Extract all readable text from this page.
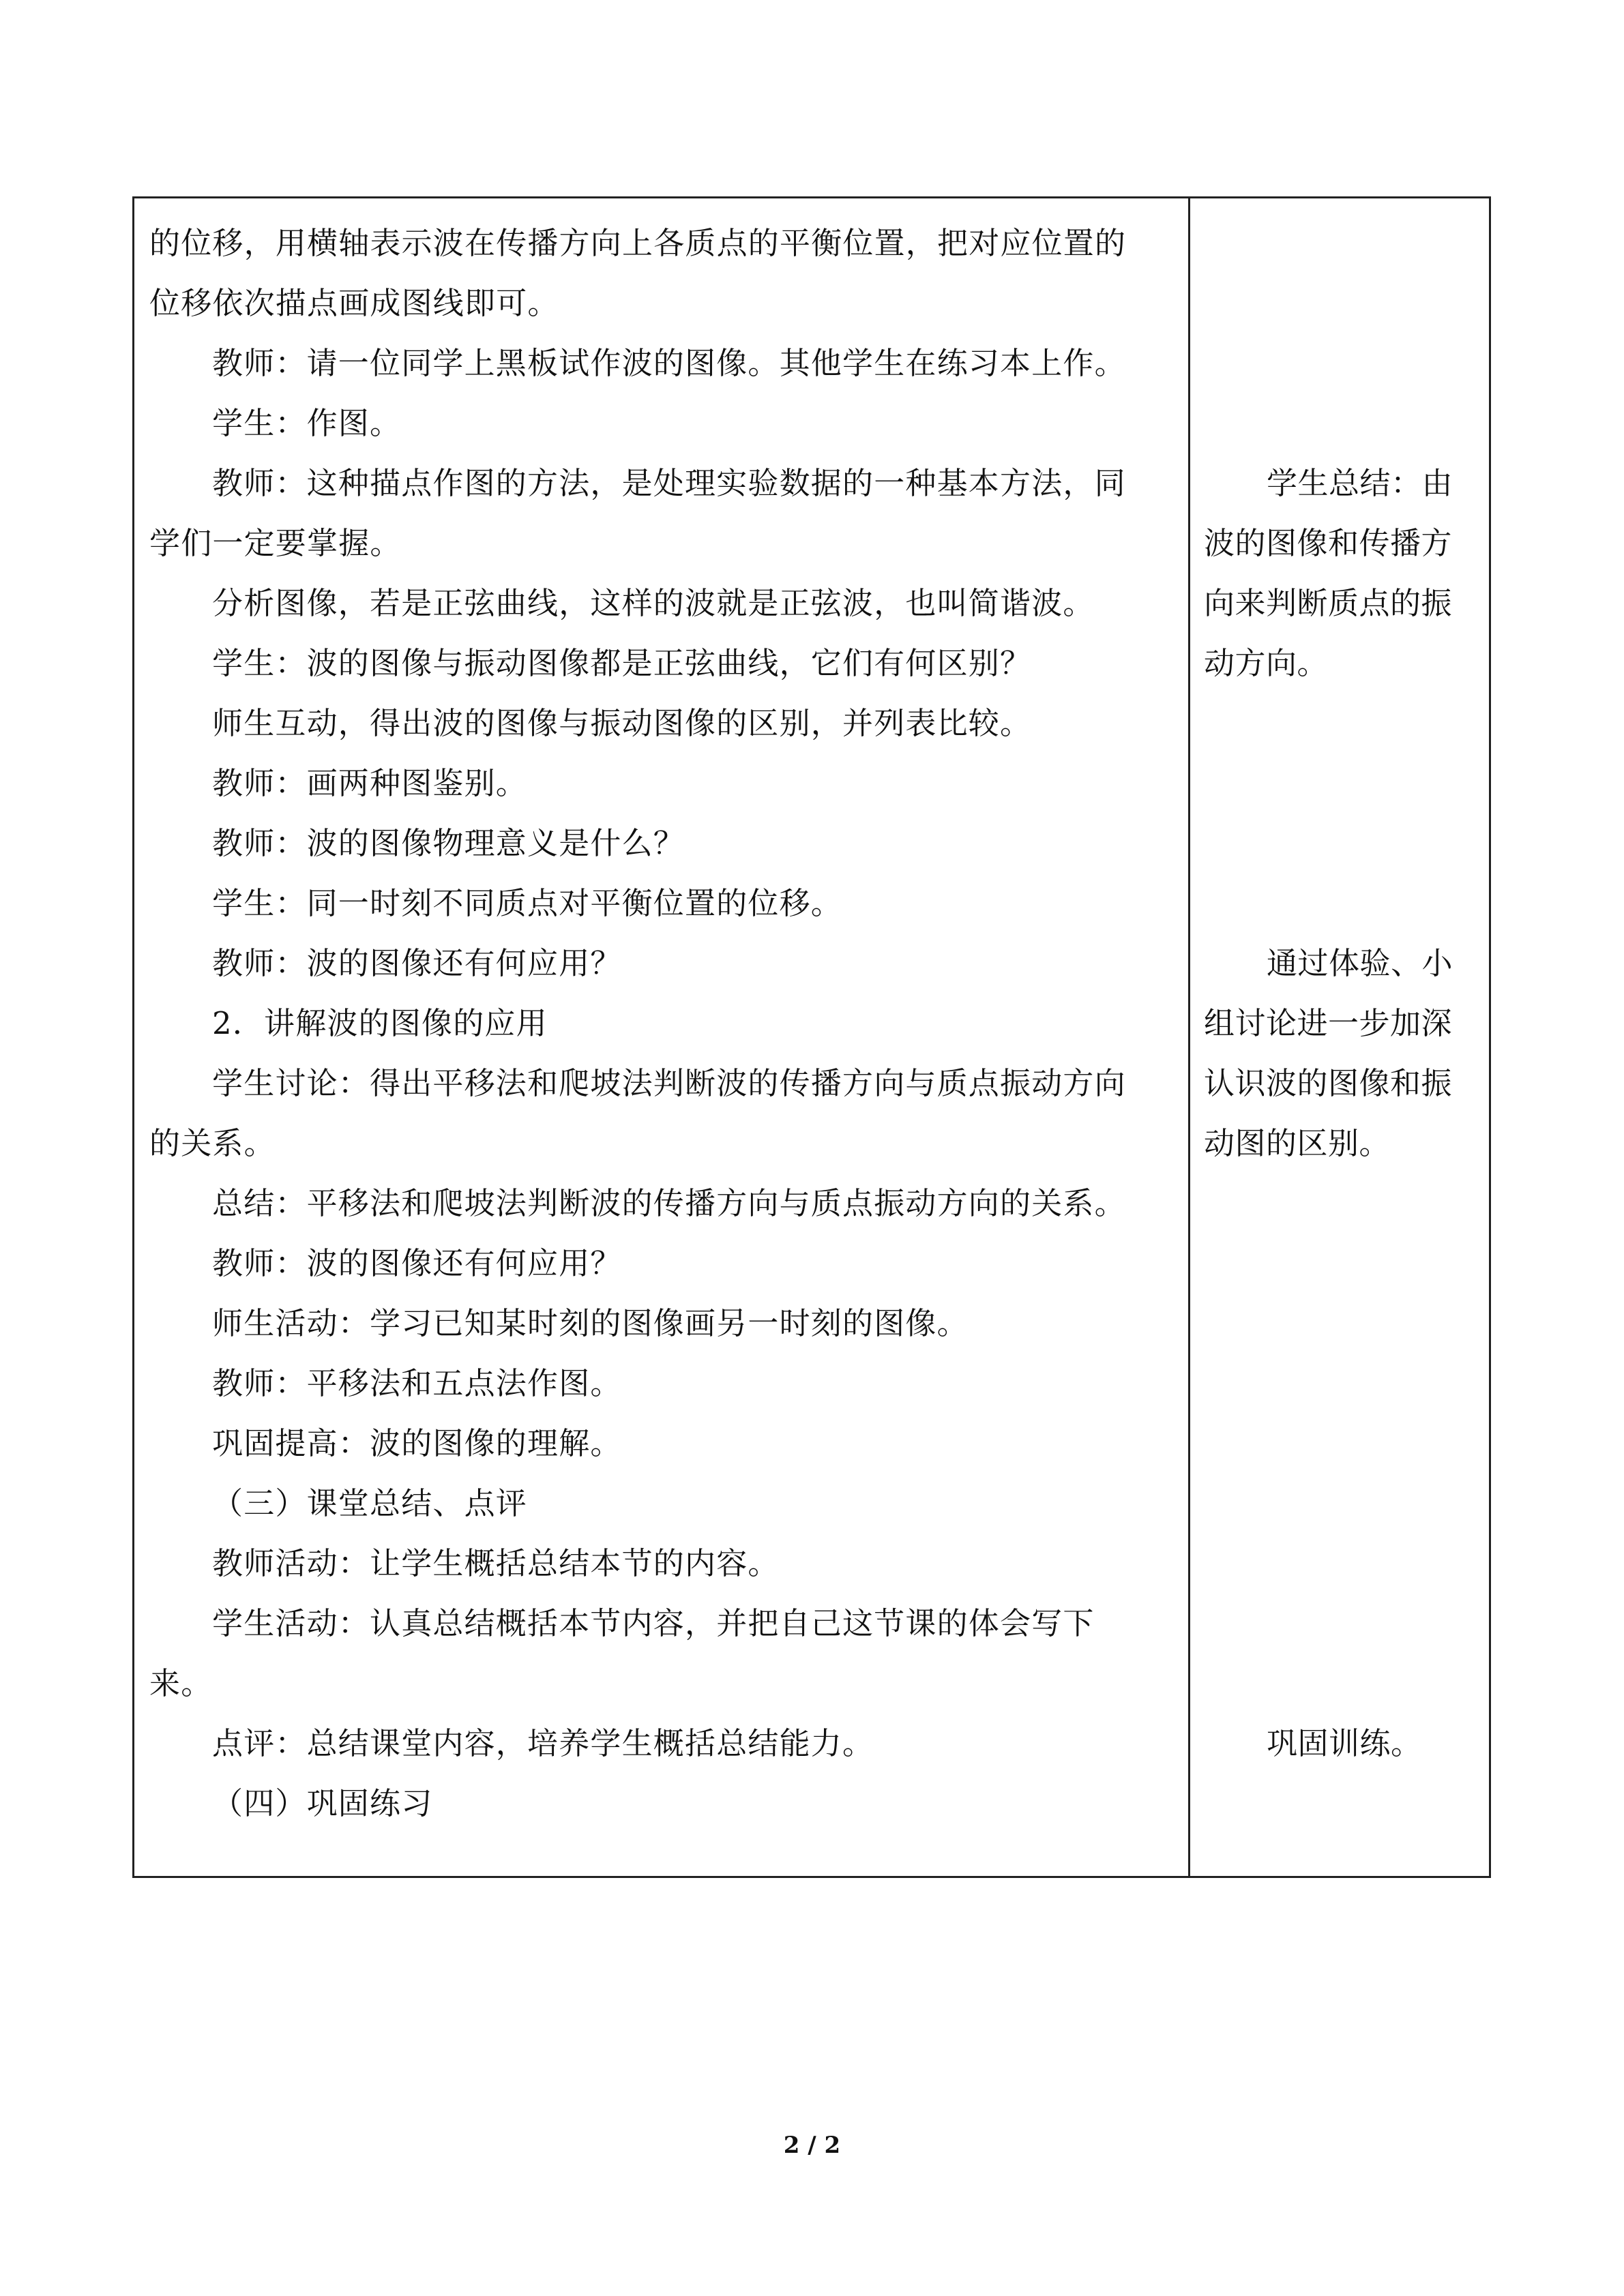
的位移，用横轴表示波在传播方向上各质点的平衡位置，把对应位置的
位移依次描点画成图线即可。
教师：请一位同学上黑板试作波的图像。其他学生在练习本上作。
学生：作图。
教师：这种描点作图的方法，是处理实验数据的一种基本方法，同
学们一定要掌握。
分析图像，若是正弦曲线，这样的波就是正弦波，也叫简谐波。
学生：波的图像与振动图像都是正弦曲线，它们有何区别？
师生互动，得出波的图像与振动图像的区别，并列表比较。
教师：画两种图鉴别。
教师：波的图像物理意义是什么？
学生：同一时刻不同质点对平衡位置的位移。
教师：波的图像还有何应用？
2．讲解波的图像的应用
学生讨论：得出平移法和爬坡法判断波的传播方向与质点振动方向
的关系。
总结：平移法和爬坡法判断波的传播方向与质点振动方向的关系。
教师：波的图像还有何应用？
师生活动：学习已知某时刻的图像画另一时刻的图像。
教师：平移法和五点法作图。
巩固提高：波的图像的理解。
（三）课堂总结、点评
教师活动：让学生概括总结本节的内容。
学生活动：认真总结概括本节内容，并把自己这节课的体会写下
来。
点评：总结课堂内容，培养学生概括总结能力。
（四）巩固练习
学生总结：由
波的图像和传播方
向来判断质点的振
动方向。
通过体验、小
组讨论进一步加深
认识波的图像和振
动图的区别。
巩固训练。
2 / 2
